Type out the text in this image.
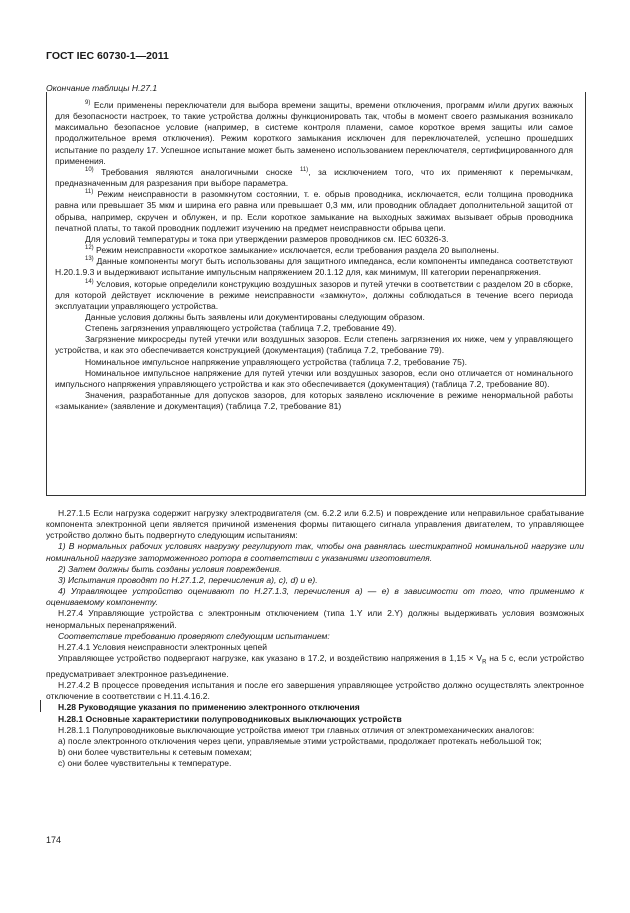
ГОСТ IEC 60730-1—2011
Окончание таблицы Н.27.1

$^{9)}$ Если применены переключатели для выбора времени защиты, времени отключения, программ и/или других важных для безопасности настроек, то такие устройства должны функционировать так, чтобы в момент своего размыкания возникало максимально безопасное условие (например, в системе контроля пламени, самое короткое время защиты или самое продолжительное время отключения). Режим короткого замыкания исключен для переключателей, успешно прошедших испытание по разделу 17. Успешное испытание может быть заменено использованием переключателя, сертифицированного для применения.

$^{10)}$ Требования являются аналогичными сноске $^{11)}$, за исключением того, что их применяют к перемычкам, предназначенным для разрезания при выборе параметра.

$^{11)}$ Режим неисправности в разомкнутом состоянии, т. е. обрыв проводника, исключается, если толщина проводника равна или превышает 35 мкм и ширина его равна или превышает 0,3 мм, или проводник обладает дополнительной защитой от обрыва, например, скручен и облужен, и пр. Если короткое замыкание на выходных зажимах вызывает обрыв проводника печатной платы, то такой проводник подлежит изучению на предмет неисправности обрыва цепи.

Для условий температуры и тока при утверждении размеров проводников см. IEC 60326-3.

$^{12)}$ Режим неисправности «короткое замыкание» исключается, если требования раздела 20 выполнены.

$^{13)}$ Данные компоненты могут быть использованы для защитного импеданса, если компоненты импеданса соответствуют Н.20.1.9.3 и выдерживают испытание импульсным напряжением 20.1.12 для, как минимум, III категории перенапряжения.

$^{14)}$ Условия, которые определили конструкцию воздушных зазоров и путей утечки в соответствии с разделом 20 в сборке, для которой действует исключение в режиме неисправности «замкнуто», должны соблюдаться в течение всего периода эксплуатации управляющего устройства.

Данные условия должны быть заявлены или документированы следующим образом.

Степень загрязнения управляющего устройства (таблица 7.2, требование 49).

Загрязнение микросреды путей утечки или воздушных зазоров. Если степень загрязнения их ниже, чем у управляющего устройства, и как это обеспечивается конструкцией (документация) (таблица 7.2, требование 79).

Номинальное импульсное напряжение управляющего устройства (таблица 7.2, требование 75).

Номинальное импульсное напряжение для путей утечки или воздушных зазоров, если оно отличается от номинального импульсного напряжения управляющего устройства и как это обеспечивается (документация) (таблица 7.2, требование 80).

Значения, разработанные для допусков зазоров, для которых заявлено исключение в режиме ненормальной работы «замыкание» (заявление и документация) (таблица 7.2, требование 81)

Н.27.1.5 Если нагрузка содержит нагрузку электродвигателя (см. 6.2.2 или 6.2.5) и повреждение или неправильное срабатывание компонента электронной цепи является причиной изменения формы питающего сигнала управления двигателем, то управляющее устройство должно быть подвергнуто следующим испытаниям:

1) В нормальных рабочих условиях нагрузку регулируют так, чтобы она равнялась шестикратной номинальной нагрузке или номинальной нагрузке заторможенного ротора в соответствии с указаниями изготовителя.

2) Затем должны быть созданы условия повреждения.

3) Испытания проводят по Н.27.1.2, перечисления a), c), d) и e).

4) Управляющее устройство оценивают по Н.27.1.3, перечисления a) — e) в зависимости от того, что применимо к оцениваемому компоненту.

Н.27.4 Управляющие устройства с электронным отключением (типа 1.Y или 2.Y) должны выдерживать условия возможных ненормальных перенапряжений.

Соответствие требованию проверяют следующим испытанием:

Н.27.4.1 Условия неисправности электронных цепей

Управляющее устройство подвергают нагрузке, как указано в 17.2, и воздействию напряжения в $1,15 \times V_R$ на 5 с, если устройство предусматривает электронное разъединение.

Н.27.4.2 В процессе проведения испытания и после его завершения управляющее устройство должно осуществлять электронное отключение в соответствии с Н.11.4.16.2.

Н.28 Руководящие указания по применению электронного отключения

Н.28.1 Основные характеристики полупроводниковых выключающих устройств

Н.28.1.1 Полупроводниковые выключающие устройства имеют три главных отличия от электромеханических аналогов:

a) после электронного отключения через цепи, управляемые этими устройствами, продолжает протекать небольшой ток;

b) они более чувствительны к сетевым помехам;

c) они более чувствительны к температуре.

174
